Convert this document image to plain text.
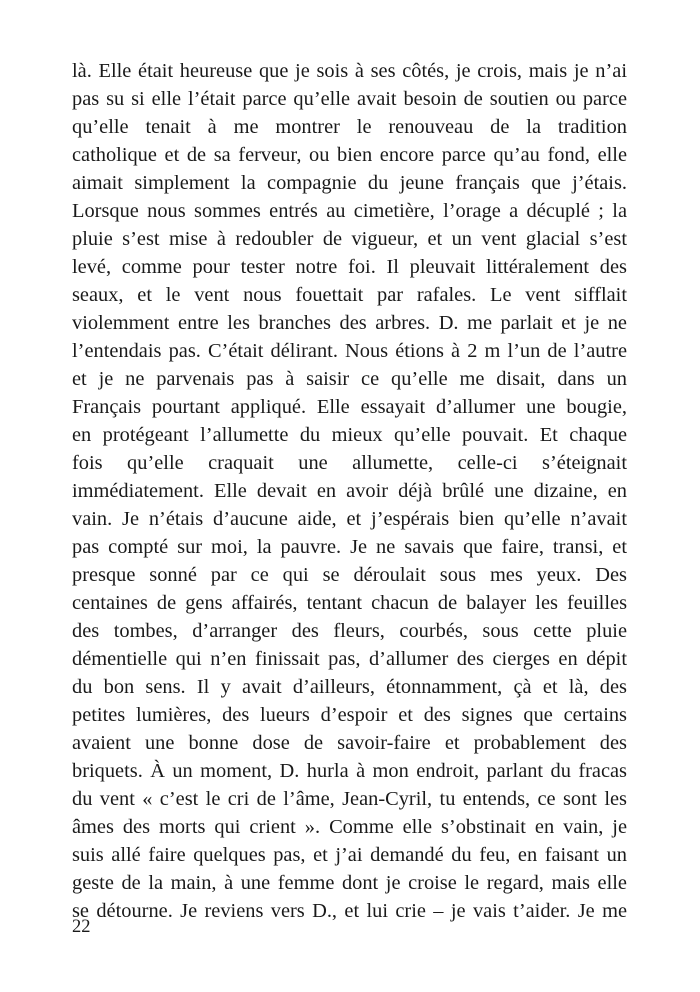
là. Elle était heureuse que je sois à ses côtés, je crois, mais je n’ai
pas su si elle l’était parce qu’elle avait besoin de soutien ou parce
qu’elle tenait à me montrer le renouveau de la tradition
catholique et de sa ferveur, ou bien encore parce qu’au fond, elle
aimait simplement la compagnie du jeune français que j’étais.
Lorsque nous sommes entrés au cimetière, l’orage a décuplé ; la
pluie s’est mise à redoubler de vigueur, et un vent glacial s’est
levé, comme pour tester notre foi. Il pleuvait littéralement des
seaux, et le vent nous fouettait par rafales. Le vent sifflait
violemment entre les branches des arbres. D. me parlait et je ne
l’entendais pas. C’était délirant. Nous étions à 2 m l’un de l’autre
et je ne parvenais pas à saisir ce qu’elle me disait, dans un
Français pourtant appliqué. Elle essayait d’allumer une bougie,
en protégeant l’allumette du mieux qu’elle pouvait. Et chaque
fois qu’elle craquait une allumette, celle-ci s’éteignait
immédiatement. Elle devait en avoir déjà brûlé une dizaine, en
vain. Je n’étais d’aucune aide, et j’espérais bien qu’elle n’avait
pas compté sur moi, la pauvre. Je ne savais que faire, transi, et
presque sonné par ce qui se déroulait sous mes yeux. Des
centaines de gens affairés, tentant chacun de balayer les feuilles
des tombes, d’arranger des fleurs, courbés, sous cette pluie
démentielle qui n’en finissait pas, d’allumer des cierges en dépit
du bon sens. Il y avait d’ailleurs, étonnamment, çà et là, des
petites lumières, des lueurs d’espoir et des signes que certains
avaient une bonne dose de savoir-faire et probablement des
briquets. À un moment, D. hurla à mon endroit, parlant du fracas
du vent « c’est le cri de l’âme, Jean-Cyril, tu entends, ce sont les
âmes des morts qui crient ». Comme elle s’obstinait en vain, je
suis allé faire quelques pas, et j’ai demandé du feu, en faisant un
geste de la main, à une femme dont je croise le regard, mais elle
se détourne. Je reviens vers D., et lui crie – je vais t’aider. Je me
22
